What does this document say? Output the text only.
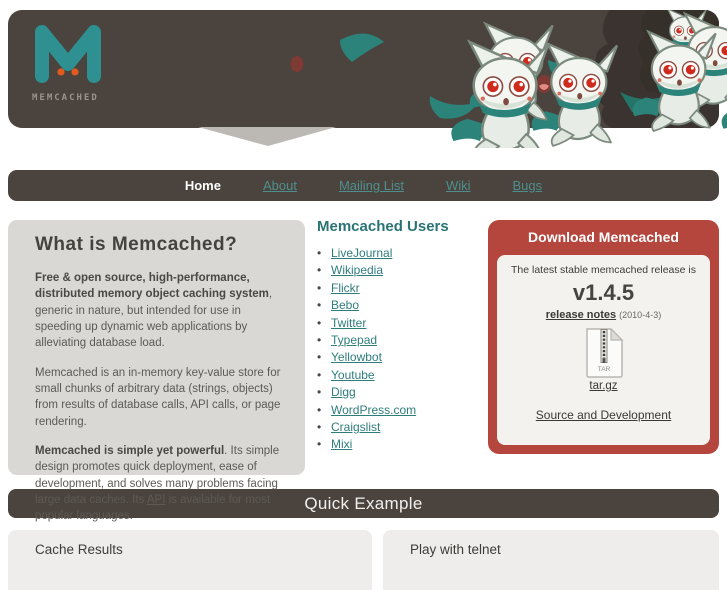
MEMCACHED
Home	About	Mailing List	Wiki	Bugs
What is Memcached?

Free & open source, high-performance, distributed memory object caching system, generic in nature, but intended for use in speeding up dynamic web applications by alleviating database load.

Memcached is an in-memory key-value store for small chunks of arbitrary data (strings, objects) from results of database calls, API calls, or page rendering.

Memcached is simple yet powerful. Its simple design promotes quick deployment, ease of development, and solves many problems facing large data caches. Its API is available for most popular languages.

Memcached Users
• LiveJournal
• Wikipedia
• Flickr
• Bebo
• Twitter
• Typepad
• Yellowbot
• Youtube
• Digg
• WordPress.com
• Craigslist
• Mixi
Download Memcached
The latest stable memcached release is
v1.4.5
release notes (2010-4-3)
TAR
tar.gz
Source and Development
Quick Example
Cache Results	Play with telnet
